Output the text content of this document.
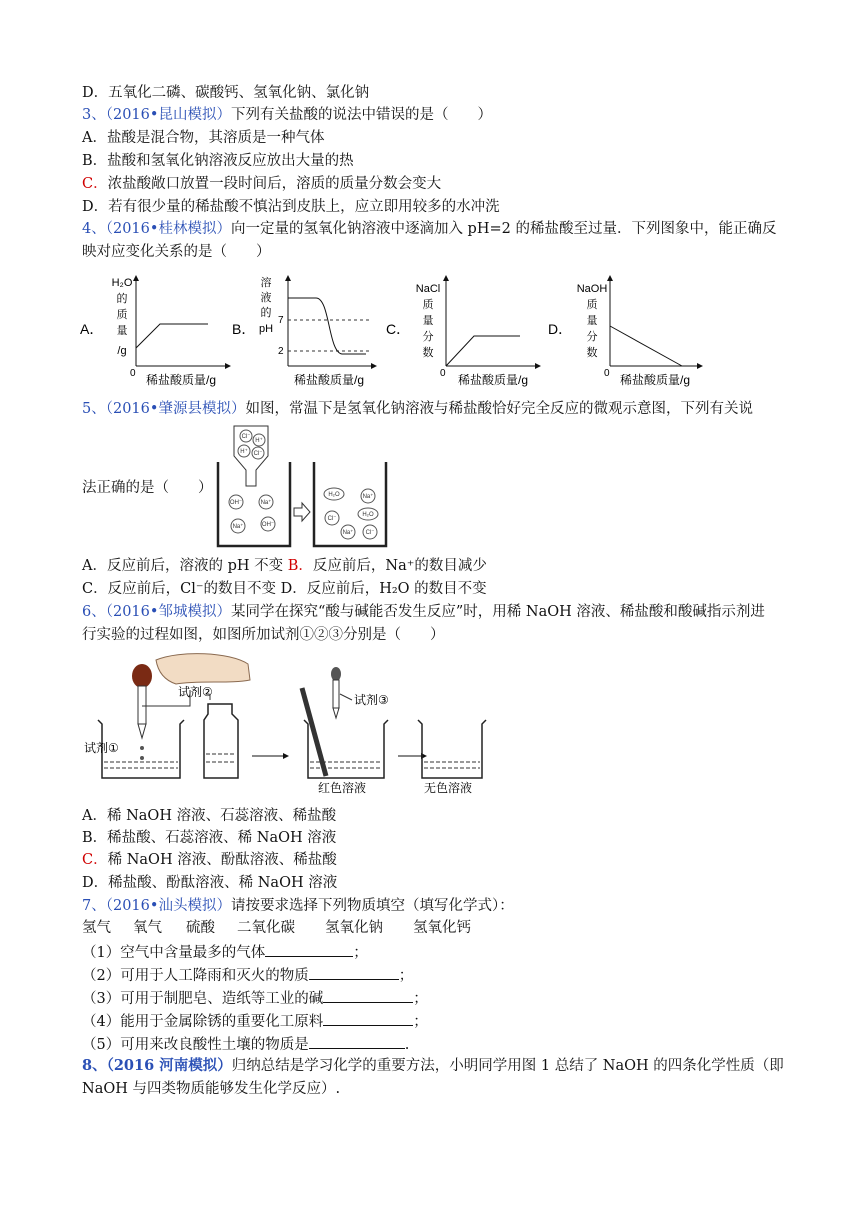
D．五氧化二磷、碳酸钙、氢氧化钠、氯化钠
3、（2016•昆山模拟）下列有关盐酸的说法中错误的是（　　）
A．盐酸是混合物，其溶质是一种气体
B．盐酸和氢氧化钠溶液反应放出大量的热
C．浓盐酸敞口放置一段时间后，溶质的质量分数会变大
D．若有很少量的稀盐酸不慎沾到皮肤上，应立即用较多的水冲洗
4、（2016•桂林模拟）向一定量的氢氧化钠溶液中逐滴加入 pH=2 的稀盐酸至过量．下列图象中，能正确反
映对应变化关系的是（　　）
A．
H₂O
的
质
量
/g
0 稀盐酸质量/g
B．
溶
液
的
pH
7
2
稀盐酸质量/g
C．
NaCl
质
量
分
数
0 稀盐酸质量/g
D．
NaOH
质
量
分
数
0 稀盐酸质量/g
5、（2016•肇源县模拟）如图，常温下是氢氧化钠溶液与稀盐酸恰好完全反应的微观示意图，下列有关说
法正确的是（　　）
Cl⁻
H⁺
H⁺ Cl⁻
OH⁻	Na⁺
Na⁺	OH⁻
H₂O	Na⁺
Cl⁻
H₂O
Na⁺ Cl⁻
A．反应前后，溶液的 pH 不变 B．反应前后，Na⁺的数目减少
C．反应前后，Cl⁻的数目不变 D．反应前后，H₂O 的数目不变
6、（2016•邹城模拟）某同学在探究“酸与碱能否发生反应”时，用稀 NaOH 溶液、稀盐酸和酸碱指示剂进
行实验的过程如图，如图所加试剂①②③分别是（　　）
试剂②
试剂①
试剂③
红色溶液	无色溶液
A．稀 NaOH 溶液、石蕊溶液、稀盐酸
B．稀盐酸、石蕊溶液、稀 NaOH 溶液
C．稀 NaOH 溶液、酚酞溶液、稀盐酸
D．稀盐酸、酚酞溶液、稀 NaOH 溶液
7、（2016•汕头模拟）请按要求选择下列物质填空（填写化学式）：
氢气 氧气 硫酸 二氧化碳 氢氧化钠 氢氧化钙
（1）空气中含量最多的气体	；
（2）可用于人工降雨和灭火的物质	；
（3）可用于制肥皂、造纸等工业的碱	；
（4）能用于金属除锈的重要化工原料	；
（5）可用来改良酸性土壤的物质是	.
8、（2016 河南模拟）归纳总结是学习化学的重要方法，小明同学用图 1 总结了 NaOH 的四条化学性质（即
NaOH 与四类物质能够发生化学反应）.
